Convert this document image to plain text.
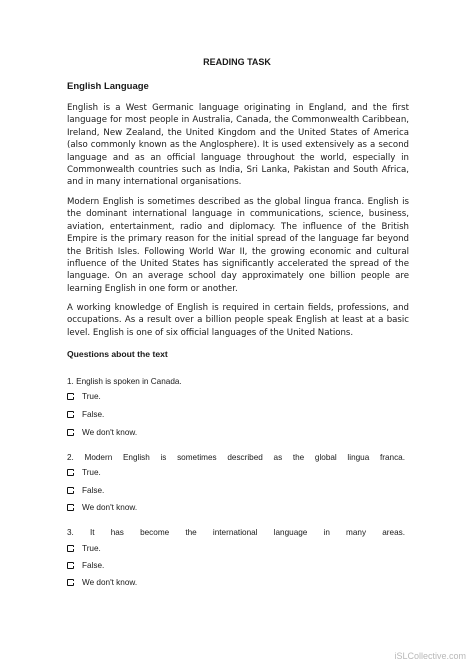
READING TASK
English Language

English is a West Germanic language originating in England, and the first language for most people in Australia, Canada, the Commonwealth Caribbean, Ireland, New Zealand, the United Kingdom and the United States of America (also commonly known as the Anglosphere). It is used extensively as a second language and as an official language throughout the world, especially in Commonwealth countries such as India, Sri Lanka, Pakistan and South Africa, and in many international organisations.

Modern English is sometimes described as the global lingua franca. English is the dominant international language in communications, science, business, aviation, entertainment, radio and diplomacy. The influence of the British Empire is the primary reason for the initial spread of the language far beyond the British Isles. Following World War II, the growing economic and cultural influence of the United States has significantly accelerated the spread of the language. On an average school day approximately one billion people are learning English in one form or another.

A working knowledge of English is required in certain fields, professions, and occupations. As a result over a billion people speak English at least at a basic level. English is one of six official languages of the United Nations.

Questions about the text
1. English is spoken in Canada.
True.
False.
We don't know.
2. Modern English is sometimes described as the global lingua franca.
True.
False.
We don't know.
3. It has become the international language in many areas.
True.
False.
We don't know.
iSLCollective.com
